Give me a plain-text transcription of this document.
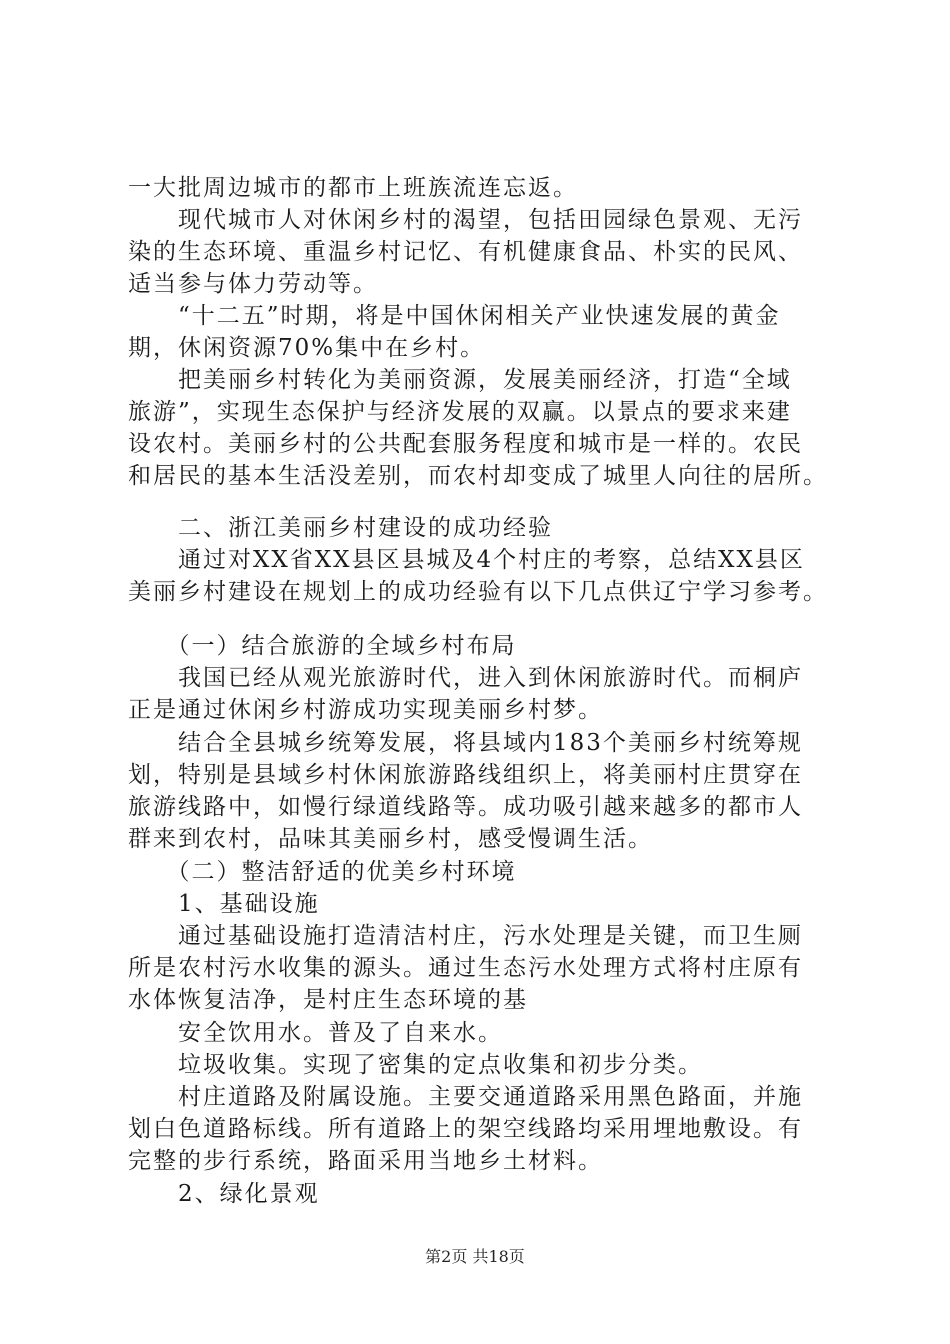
一大批周边城市的都市上班族流连忘返。
　　现代城市人对休闲乡村的渴望，包括田园绿色景观、无污
染的生态环境、重温乡村记忆、有机健康食品、朴实的民风、
适当参与体力劳动等。
　　“十二五”时期，将是中国休闲相关产业快速发展的黄金
期，休闲资源70%集中在乡村。
　　把美丽乡村转化为美丽资源，发展美丽经济，打造“全域
旅游”，实现生态保护与经济发展的双赢。以景点的要求来建
设农村。美丽乡村的公共配套服务程度和城市是一样的。农民
和居民的基本生活没差别，而农村却变成了城里人向往的居所。
　　二、浙江美丽乡村建设的成功经验
　　通过对XX省XX县区县城及4个村庄的考察，总结XX县区
美丽乡村建设在规划上的成功经验有以下几点供辽宁学习参考。
　　（一）结合旅游的全域乡村布局
　　我国已经从观光旅游时代，进入到休闲旅游时代。而桐庐
正是通过休闲乡村游成功实现美丽乡村梦。
　　结合全县城乡统筹发展，将县域内183个美丽乡村统筹规
划，特别是县域乡村休闲旅游路线组织上，将美丽村庄贯穿在
旅游线路中，如慢行绿道线路等。成功吸引越来越多的都市人
群来到农村，品味其美丽乡村，感受慢调生活。
　　（二）整洁舒适的优美乡村环境
　　1、基础设施
　　通过基础设施打造清洁村庄，污水处理是关键，而卫生厕
所是农村污水收集的源头。通过生态污水处理方式将村庄原有
水体恢复洁净，是村庄生态环境的基
　　安全饮用水。普及了自来水。
　　垃圾收集。实现了密集的定点收集和初步分类。
　　村庄道路及附属设施。主要交通道路采用黑色路面，并施
划白色道路标线。所有道路上的架空线路均采用埋地敷设。有
完整的步行系统，路面采用当地乡土材料。
　　2、绿化景观
第2页 共18页
